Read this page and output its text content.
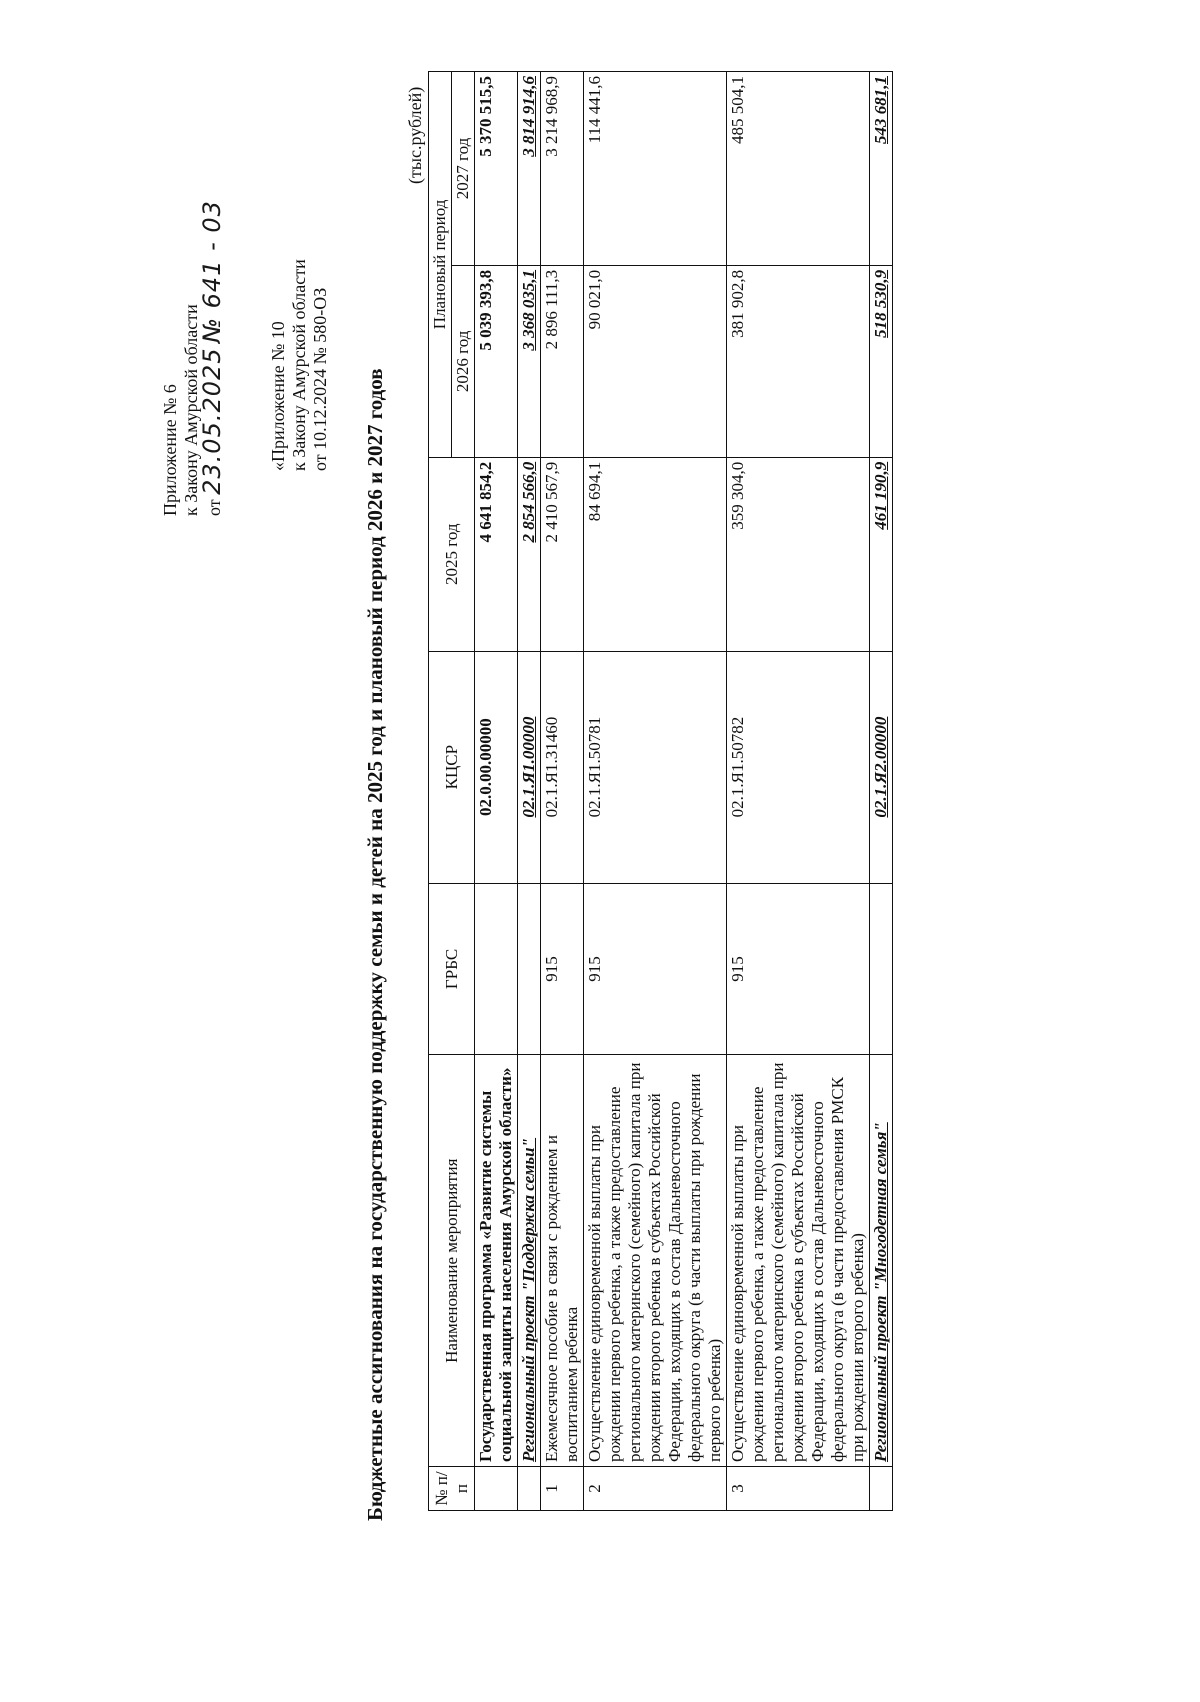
Приложение № 6 к Закону Амурской области от 23.05.2025 № 641 - 03
«Приложение № 10 к Закону Амурской области от 10.12.2024 № 580-ОЗ Бюджетные ассигнования на государственную поддержку семьи и детей на 2025 год и плановый период 2026 и 2027 годов
(тыс.рублей)
№ п/п	Наименование мероприятия	ГРБС	КЦСР	2025 год	Плановый период	
					2026 год	2027 год
	Государственная программа «Развитие системы социальной защиты населения Амурской области»		02.0.00.00000	4 641 854,2	5 039 393,8	5 370 515,5
	Региональный проект "Поддержка семьи"		02.1.Я1.00000	2 854 566,0	3 368 035,1	3 814 914,6
1	Ежемесячное пособие в связи с рождением и воспитанием ребенка	915	02.1.Я1.31460	2 410 567,9	2 896 111,3	3 214 968,9
2	Осуществление единовременной выплаты при рождении первого ребенка, а также предоставление регионального материнского (семейного) капитала при рождении второго ребенка в субъектах Российской Федерации, входящих в состав Дальневосточного федерального округа (в части выплаты при рождении первого ребенка)	915	02.1.Я1.50781	84 694,1	90 021,0	114 441,6
3	Осуществление единовременной выплаты при рождении первого ребенка, а также предоставление регионального материнского (семейного) капитала при рождении второго ребенка в субъектах Российской Федерации, входящих в состав Дальневосточного федерального округа (в части предоставления РМСК при рождении второго ребенка)	915	02.1.Я1.50782	359 304,0	381 902,8	485 504,1
	Региональный проект "Многодетная семья"		02.1.Я2.00000	461 190,9	518 530,9	543 681,1
